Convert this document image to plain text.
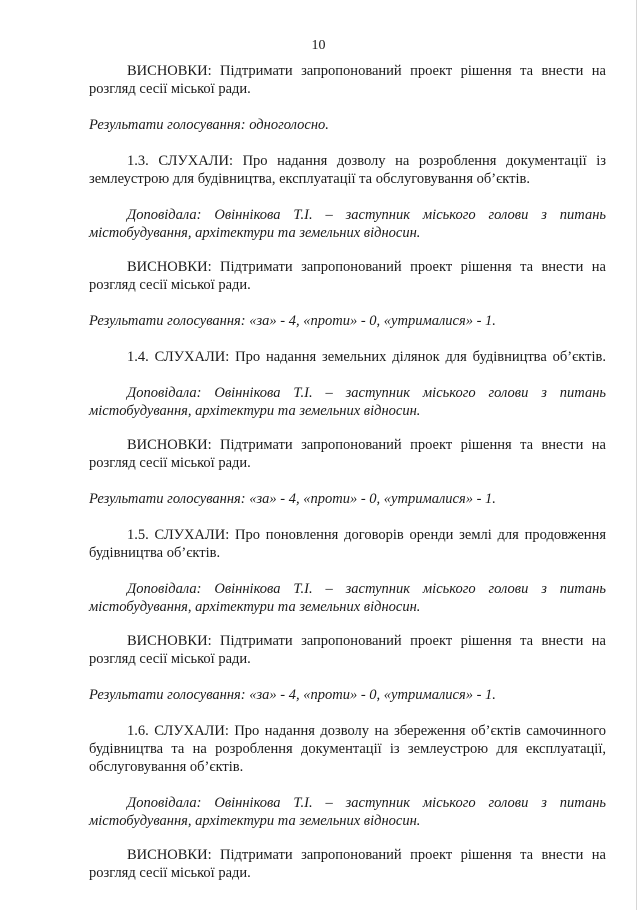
10

ВИСНОВКИ: Підтримати запропонований проект рішення та внести на розгляд сесії міської ради.

Результати голосування: одноголосно.

1.3. СЛУХАЛИ: Про надання дозволу на розроблення документації із землеустрою для будівництва, експлуатації та обслуговування об’єктів.

Доповідала: Овіннікова Т.І. – заступник міського голови з питань містобудування, архітектури та земельних відносин.

ВИСНОВКИ: Підтримати запропонований проект рішення та внести на розгляд сесії міської ради.

Результати голосування: «за» - 4, «проти» - 0, «утрималися» - 1.

1.4. СЛУХАЛИ: Про надання земельних ділянок для будівництва об’єктів.

Доповідала: Овіннікова Т.І. – заступник міського голови з питань містобудування, архітектури та земельних відносин.

ВИСНОВКИ: Підтримати запропонований проект рішення та внести на розгляд сесії міської ради.

Результати голосування: «за» - 4, «проти» - 0, «утрималися» - 1.

1.5. СЛУХАЛИ: Про поновлення договорів оренди землі для продовження будівництва об’єктів.

Доповідала: Овіннікова Т.І. – заступник міського голови з питань містобудування, архітектури та земельних відносин.

ВИСНОВКИ: Підтримати запропонований проект рішення та внести на розгляд сесії міської ради.

Результати голосування: «за» - 4, «проти» - 0, «утрималися» - 1.

1.6. СЛУХАЛИ: Про надання дозволу на збереження об’єктів самочинного будівництва та на розроблення документації із землеустрою для експлуатації, обслуговування об’єктів.

Доповідала: Овіннікова Т.І. – заступник міського голови з питань містобудування, архітектури та земельних відносин.

ВИСНОВКИ: Підтримати запропонований проект рішення та внести на розгляд сесії міської ради.
